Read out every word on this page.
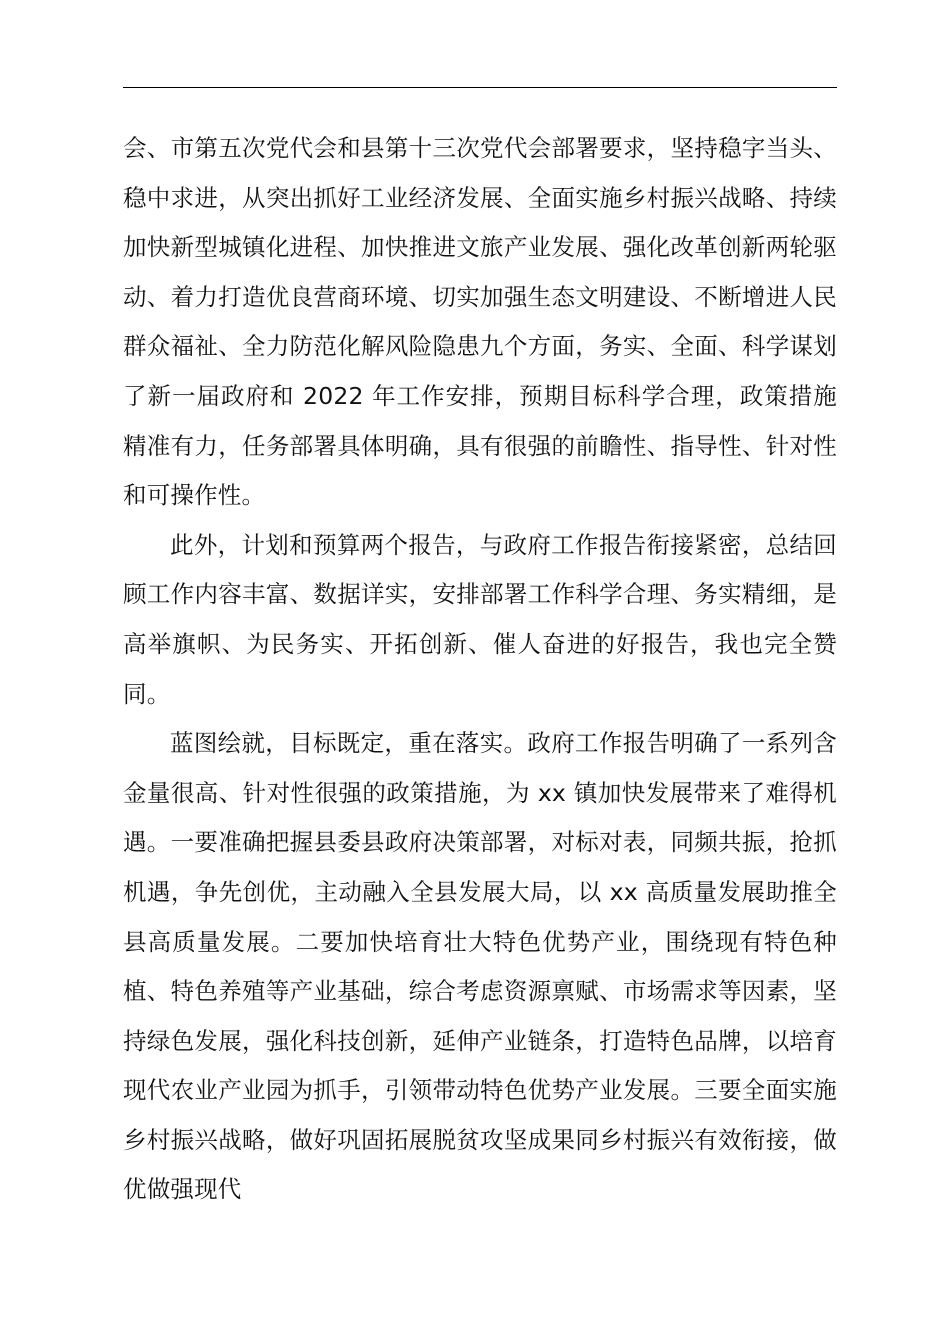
会、市第五次党代会和县第十三次党代会部署要求，坚持稳字当头、稳中求进，从突出抓好工业经济发展、全面实施乡村振兴战略、持续加快新型城镇化进程、加快推进文旅产业发展、强化改革创新两轮驱动、着力打造优良营商环境、切实加强生态文明建设、不断增进人民群众福祉、全力防范化解风险隐患九个方面，务实、全面、科学谋划了新一届政府和 2022 年工作安排，预期目标科学合理，政策措施精准有力，任务部署具体明确，具有很强的前瞻性、指导性、针对性和可操作性。

此外，计划和预算两个报告，与政府工作报告衔接紧密，总结回顾工作内容丰富、数据详实，安排部署工作科学合理、务实精细，是高举旗帜、为民务实、开拓创新、催人奋进的好报告，我也完全赞同。

蓝图绘就，目标既定，重在落实。政府工作报告明确了一系列含金量很高、针对性很强的政策措施，为 xx 镇加快发展带来了难得机遇。一要准确把握县委县政府决策部署，对标对表，同频共振，抢抓机遇，争先创优，主动融入全县发展大局，以 xx 高质量发展助推全县高质量发展。二要加快培育壮大特色优势产业，围绕现有特色种植、特色养殖等产业基础，综合考虑资源禀赋、市场需求等因素，坚持绿色发展，强化科技创新，延伸产业链条，打造特色品牌，以培育现代农业产业园为抓手，引领带动特色优势产业发展。三要全面实施乡村振兴战略，做好巩固拓展脱贫攻坚成果同乡村振兴有效衔接，做优做强现代
